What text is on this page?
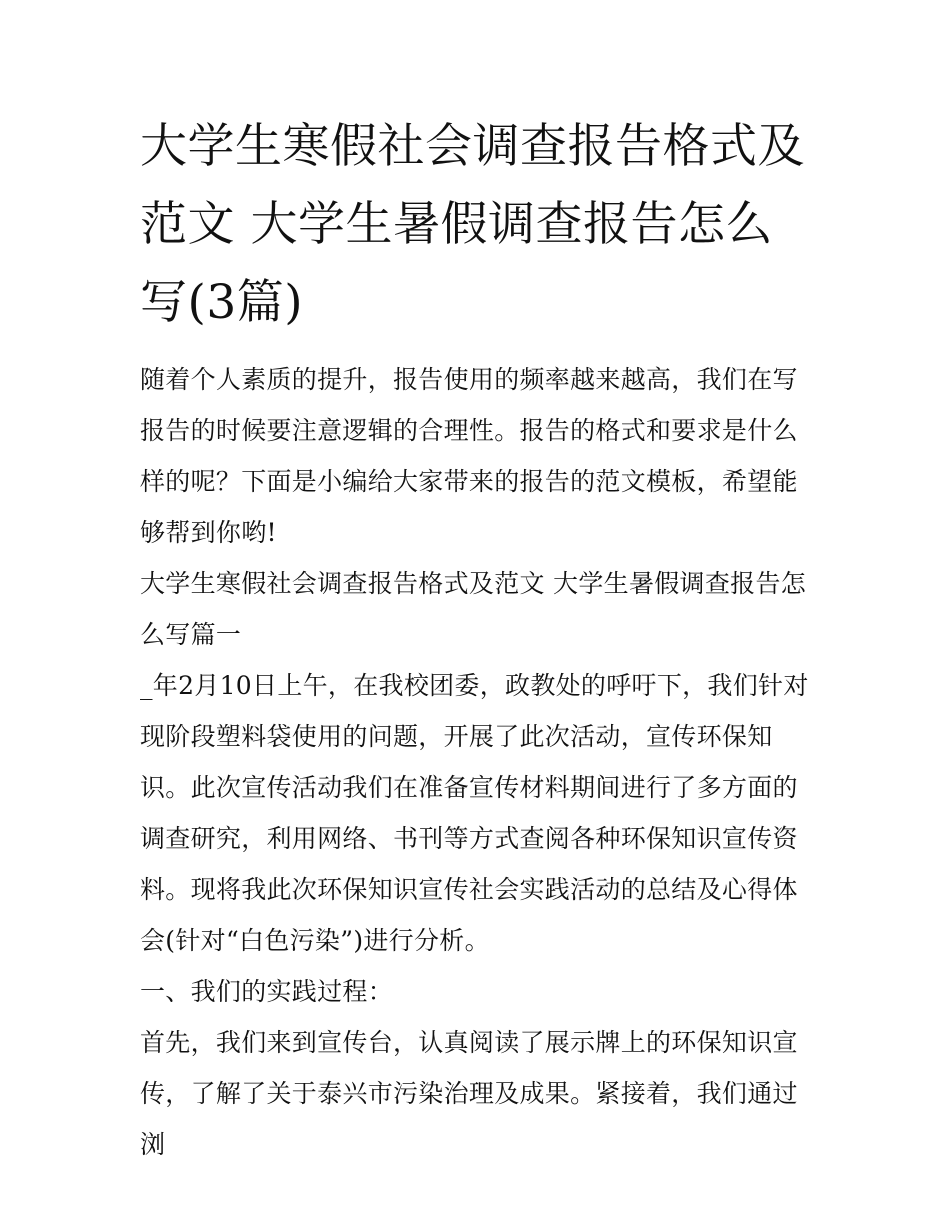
大学生寒假社会调查报告格式及范文 大学生暑假调查报告怎么写(3篇)

随着个人素质的提升，报告使用的频率越来越高，我们在写报告的时候要注意逻辑的合理性。报告的格式和要求是什么样的呢？下面是小编给大家带来的报告的范文模板，希望能够帮到你哟!

大学生寒假社会调查报告格式及范文 大学生暑假调查报告怎么写篇一

_年2月10日上午，在我校团委，政教处的呼吁下，我们针对现阶段塑料袋使用的问题，开展了此次活动，宣传环保知识。此次宣传活动我们在准备宣传材料期间进行了多方面的调查研究，利用网络、书刊等方式查阅各种环保知识宣传资料。现将我此次环保知识宣传社会实践活动的总结及心得体会(针对“白色污染”)进行分析。

一、我们的实践过程：

首先，我们来到宣传台，认真阅读了展示牌上的环保知识宣传，了解了关于泰兴市污染治理及成果。紧接着，我们通过浏
